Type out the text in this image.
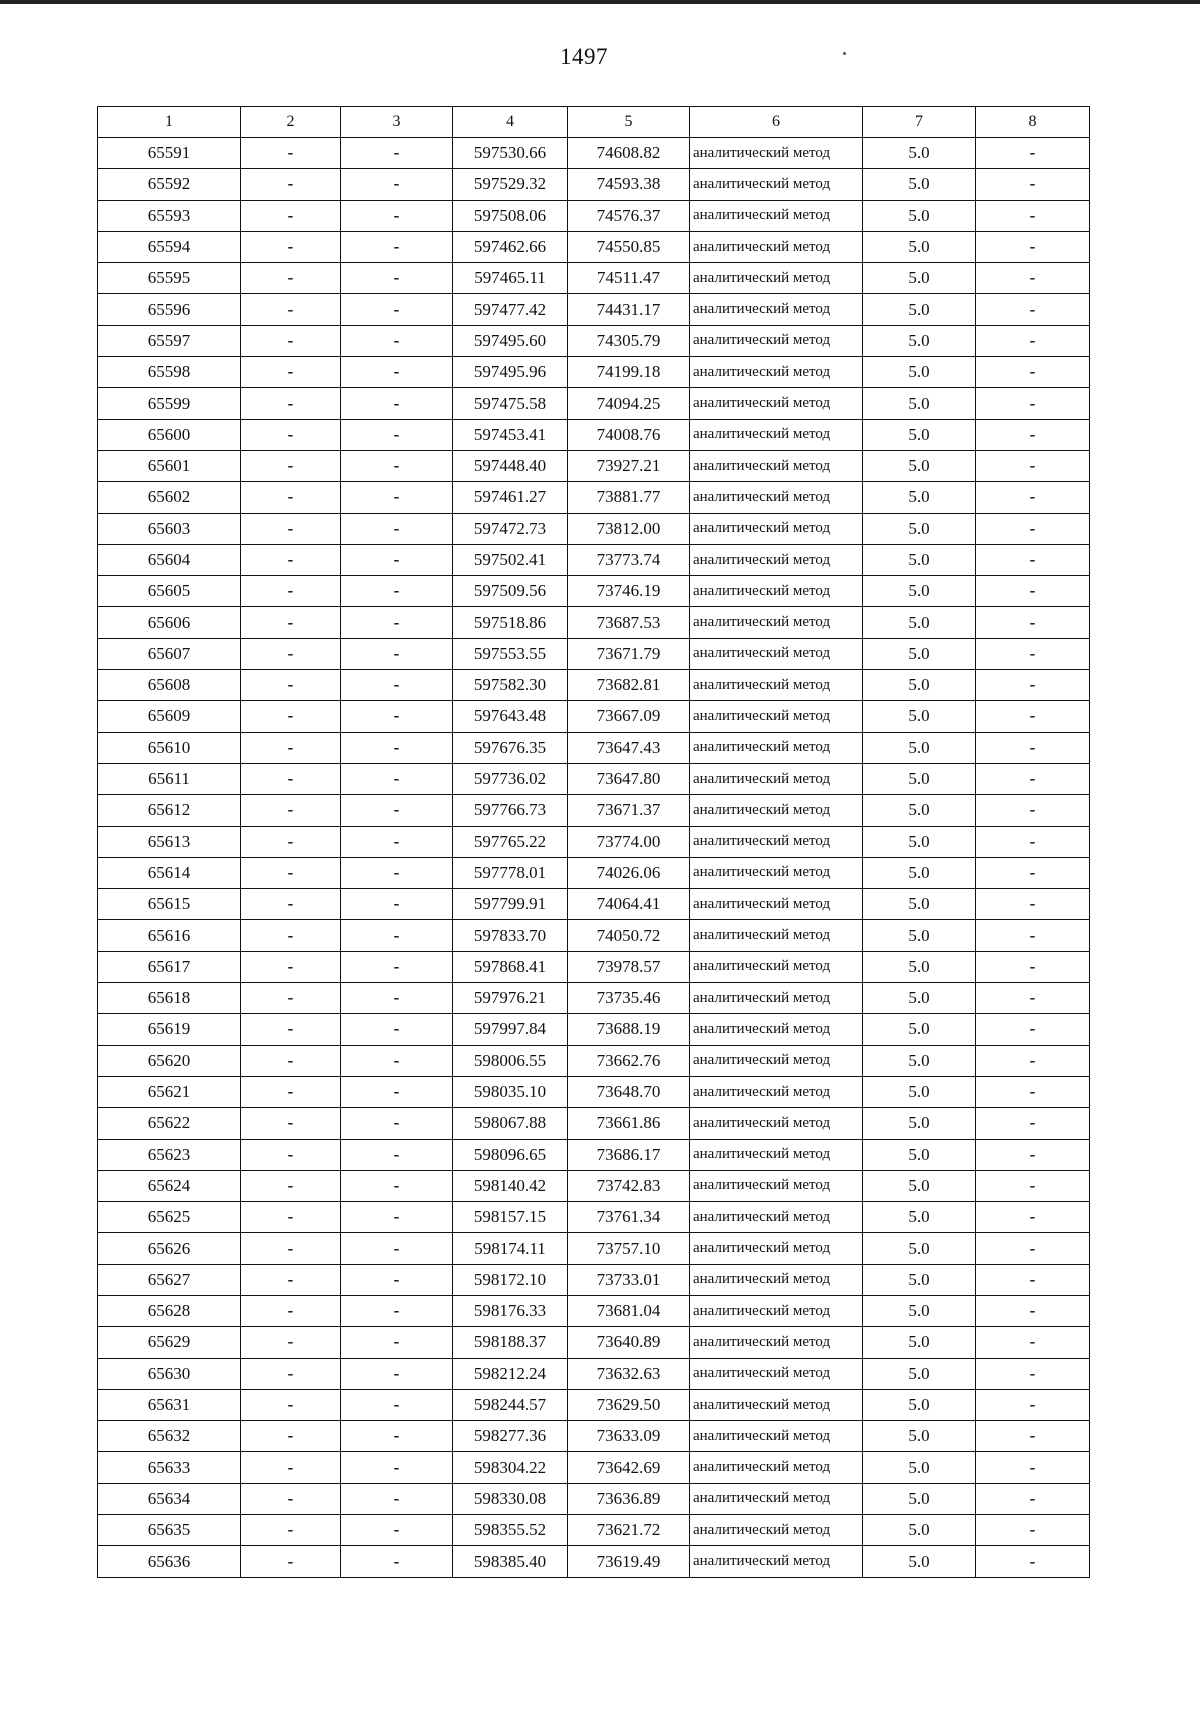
1497
1	2	3	4	5	6	7	8
65591	-	-	597530.66	74608.82	аналитический метод	5.0	-
65592	-	-	597529.32	74593.38	аналитический метод	5.0	-
65593	-	-	597508.06	74576.37	аналитический метод	5.0	-
65594	-	-	597462.66	74550.85	аналитический метод	5.0	-
65595	-	-	597465.11	74511.47	аналитический метод	5.0	-
65596	-	-	597477.42	74431.17	аналитический метод	5.0	-
65597	-	-	597495.60	74305.79	аналитический метод	5.0	-
65598	-	-	597495.96	74199.18	аналитический метод	5.0	-
65599	-	-	597475.58	74094.25	аналитический метод	5.0	-
65600	-	-	597453.41	74008.76	аналитический метод	5.0	-
65601	-	-	597448.40	73927.21	аналитический метод	5.0	-
65602	-	-	597461.27	73881.77	аналитический метод	5.0	-
65603	-	-	597472.73	73812.00	аналитический метод	5.0	-
65604	-	-	597502.41	73773.74	аналитический метод	5.0	-
65605	-	-	597509.56	73746.19	аналитический метод	5.0	-
65606	-	-	597518.86	73687.53	аналитический метод	5.0	-
65607	-	-	597553.55	73671.79	аналитический метод	5.0	-
65608	-	-	597582.30	73682.81	аналитический метод	5.0	-
65609	-	-	597643.48	73667.09	аналитический метод	5.0	-
65610	-	-	597676.35	73647.43	аналитический метод	5.0	-
65611	-	-	597736.02	73647.80	аналитический метод	5.0	-
65612	-	-	597766.73	73671.37	аналитический метод	5.0	-
65613	-	-	597765.22	73774.00	аналитический метод	5.0	-
65614	-	-	597778.01	74026.06	аналитический метод	5.0	-
65615	-	-	597799.91	74064.41	аналитический метод	5.0	-
65616	-	-	597833.70	74050.72	аналитический метод	5.0	-
65617	-	-	597868.41	73978.57	аналитический метод	5.0	-
65618	-	-	597976.21	73735.46	аналитический метод	5.0	-
65619	-	-	597997.84	73688.19	аналитический метод	5.0	-
65620	-	-	598006.55	73662.76	аналитический метод	5.0	-
65621	-	-	598035.10	73648.70	аналитический метод	5.0	-
65622	-	-	598067.88	73661.86	аналитический метод	5.0	-
65623	-	-	598096.65	73686.17	аналитический метод	5.0	-
65624	-	-	598140.42	73742.83	аналитический метод	5.0	-
65625	-	-	598157.15	73761.34	аналитический метод	5.0	-
65626	-	-	598174.11	73757.10	аналитический метод	5.0	-
65627	-	-	598172.10	73733.01	аналитический метод	5.0	-
65628	-	-	598176.33	73681.04	аналитический метод	5.0	-
65629	-	-	598188.37	73640.89	аналитический метод	5.0	-
65630	-	-	598212.24	73632.63	аналитический метод	5.0	-
65631	-	-	598244.57	73629.50	аналитический метод	5.0	-
65632	-	-	598277.36	73633.09	аналитический метод	5.0	-
65633	-	-	598304.22	73642.69	аналитический метод	5.0	-
65634	-	-	598330.08	73636.89	аналитический метод	5.0	-
65635	-	-	598355.52	73621.72	аналитический метод	5.0	-
65636	-	-	598385.40	73619.49	аналитический метод	5.0	-
